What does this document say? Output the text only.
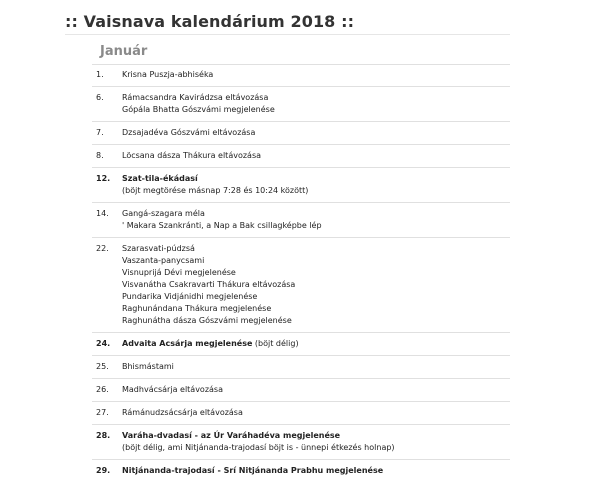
:: Vaisnava kalendárium 2018 ::
Január
1.	Krisna Puszja-abhiséka
6.	Rámacsandra Kavirádzsa eltávozása
Gópála Bhatta Gószvámi megjelenése
7.	Dzsajadéva Gószvámi eltávozása
8.	Löcsana dásza Thákura eltávozása
12.	Szat-tila-ékádasí
(böjt megtörése másnap 7:28 és 10:24 között)
14.	Gangá-szagara méla
' Makara Szankránti, a Nap a Bak csillagképbe lép
22.	Szarasvati-púdzsá
Vaszanta-panycsami
Visnuprijá Dévi megjelenése
Visvanátha Csakravarti Thákura eltávozása
Pundarika Vidjánidhi megjelenése
Raghunándana Thákura megjelenése
Raghunátha dásza Gószvámi megjelenése
24.	Advaita Acsárja megjelenése (böjt délig)
25.	Bhismástami
26.	Madhvácsárja eltávozása
27.	Rámánudzsácsárja eltávozása
28.	Varáha-dvadasí - az Úr Varáhadéva megjelenése
(böjt délig, ami Nitjánanda-trajodasí böjt is - ünnepi étkezés holnap)
29.	Nitjánanda-trajodasí - Srí Nitjánanda Prabhu megjelenése
